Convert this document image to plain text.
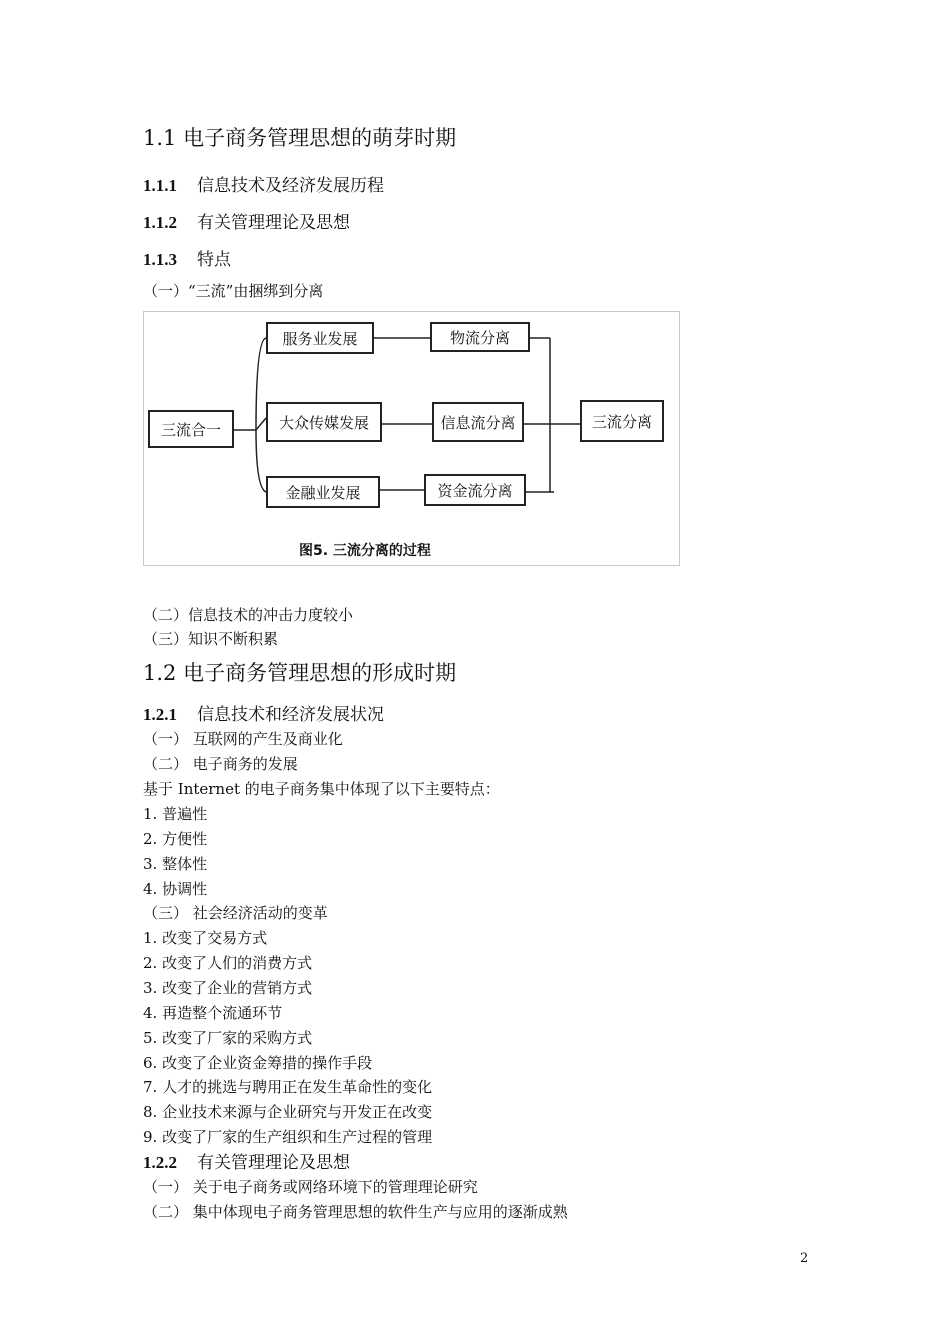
1.1 电子商务管理思想的萌芽时期
1.1.1 信息技术及经济发展历程
1.1.2 有关管理理论及思想
1.1.3 特点
（一）“三流”由捆绑到分离
三流合一
服务业发展
大众传媒发展
金融业发展
物流分离
信息流分离
资金流分离
三流分离
图5. 三流分离的过程
（二）信息技术的冲击力度较小
（三）知识不断积累
1.2 电子商务管理思想的形成时期
1.2.1 信息技术和经济发展状况
（一） 互联网的产生及商业化
（二） 电子商务的发展
基于 Internet 的电子商务集中体现了以下主要特点：
1. 普遍性
2. 方便性
3. 整体性
4. 协调性
（三） 社会经济活动的变革
1. 改变了交易方式
2. 改变了人们的消费方式
3. 改变了企业的营销方式
4. 再造整个流通环节
5. 改变了厂家的采购方式
6. 改变了企业资金筹措的操作手段
7. 人才的挑选与聘用正在发生革命性的变化
8. 企业技术来源与企业研究与开发正在改变
9. 改变了厂家的生产组织和生产过程的管理
1.2.2 有关管理理论及思想
（一） 关于电子商务或网络环境下的管理理论研究
（二） 集中体现电子商务管理思想的软件生产与应用的逐渐成熟
2
